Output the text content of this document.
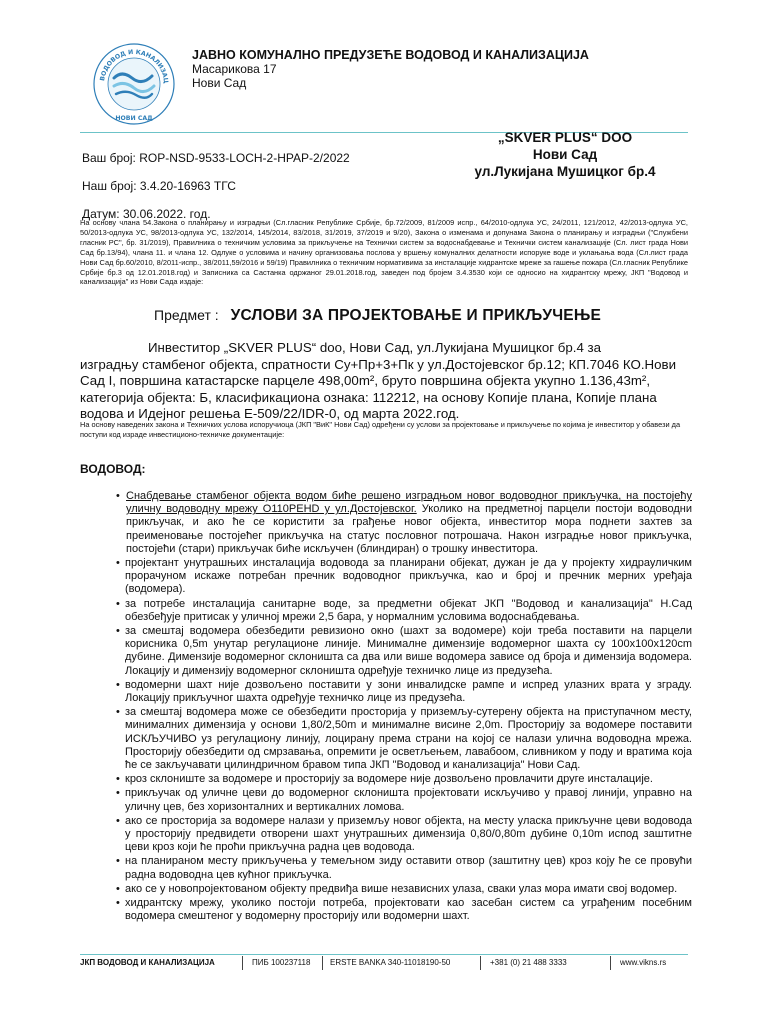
ВОДОВОД И КАНАЛИЗАЦ
НОВИ САД
ЈАВНО КОМУНАЛНО ПРЕДУЗЕЋЕ ВОДОВОД И КАНАЛИЗАЦИЈА
Масарикова 17
Нови Сад
„SKVER PLUS“ DOO
Нови Сад
ул.Лукијана Мушицког бр.4
Ваш број: ROP-NSD-9533-LOCH-2-HPAP-2/2022
Наш број: 3.4.20-16963 ТГС
Датум: 30.06.2022. год.
На основу члана 54.Закона о планирању и изградњи (Сл.гласник Републике Србије, бр.72/2009, 81/2009 испр., 64/2010-одлука УС, 24/2011, 121/2012, 42/2013-одлука УС, 50/2013-одлука УС, 98/2013-одлука УС, 132/2014, 145/2014, 83/2018, 31/2019, 37/2019 и 9/20), Закона о изменама и допунама Закона о планирању и изградњи ("Службени гласник РС", бр. 31/2019), Правилника о техничким условима за прикључење на Технички систем за водоснабдевање и Технички систем канализације (Сл. лист града Нови Сад бр.13/94), члана 11. и члана 12. Одлуке о условима и начину организовања послова у вршењу комуналних делатности испоруке воде и уклањања вода (Сл.лист града Нови Сад бр.60/2010, 8/2011-испр., 38/2011,59/2016 и 59/19) Правилника о техничким нормативима за инсталације хидрантске мреже за гашење пожара (Сл.гласник Републике Србије бр.3 од 12.01.2018.год) и Записника са Састанка одржаног 29.01.2018.год, заведен под бројем 3.4.3530 који се односио на хидрантску мрежу, ЈКП "Водовод и канализација" из Нови Сада издаје:
Предмет : УСЛОВИ ЗА ПРОЈЕКТОВАЊЕ И ПРИКЉУЧЕЊЕ
Инвеститор „SKVER PLUS“ doo, Нови Сад, ул.Лукијана Мушицког бр.4 за
изградњу стамбеног објекта, спратности Су+Пр+3+Пк у ул.Достојевског бр.12; КП.7046 КО.Нови
Сад I, површина катастарске парцеле 498,00m², бруто површина објекта укупно 1.136,43m²,
категорија објекта: Б, класификациона ознака: 112212, на основу Копије плана, Копије плана
водова и Идејног решења Е-509/22/IDR-0, од марта 2022.год.
На основу наведених закона и Техничких услова испоручиоца (ЈКП "ВиК" Нови Сад) одређени су услови за пројектовање и прикључење по којима је инвеститор у обавези да поступи код израде инвестиционо-техничке документације:
ВОДОВОД:
• Снабдевање стамбеног објекта водом биће решено изградњом новог водоводног прикључка, на постојећу уличну водоводну мрежу O110PEHD у ул.Достојевског. Уколико на предметној парцели постоји водоводни прикључак, и ако ће се користити за грађење новог објекта, инвеститор мора поднети захтев за преименовање постојећег прикључка на статус пословног потрошача. Након изградње новог прикључка, постојећи (стари) прикључак биће искључен (блиндиран) о трошку инвеститора.
• пројектант унутрашњих инсталација водовода за планирани објекат, дужан је да у пројекту хидрауличким прорачуном искаже потребан пречник водоводног прикључка, као и број и пречник мерних уређаја (водомера).
• за потребе инсталација санитарне воде, за предметни објекат ЈКП "Водовод и канализација" Н.Сад обезбеђује притисак у уличној мрежи 2,5 бара, у нормалним условима водоснабдевања.
• за смештај водомера обезбедити ревизионо окно (шахт за водомере) који треба поставити на парцели корисника 0,5m унутар регулационе линије. Минималне димензије водомерног шахта су 100x100x120cm дубине. Димензије водомерног склоништа са два или више водомера зависе од броја и димензија водомера. Локацију и димензију водомерног склоништа одређује техничко лице из предузећа.
• водомерни шахт није дозвољено поставити у зони инвалидске рампе и испред улазних врата у зграду. Локацију прикључног шахта одређује техничко лице из предузећа.
• за смештај водомера може се обезбедити просторија у приземљу-сутерену објекта на приступачном месту, минималних димензија у основи 1,80/2,50m и минималне висине 2,0m. Просторију за водомере поставити ИСКЉУЧИВО уз регулациону линију, лоцирану према страни на којој се налази улична водоводна мрежа. Просторију обезбедити од смрзавања, опремити је осветљењем, лавабоом, сливником у поду и вратима која ће се закључавати цилиндричном бравом типа ЈКП "Водовод и канализација" Нови Сад.
• кроз склониште за водомере и просторију за водомере није дозвољено провлачити друге инсталације.
• прикључак од уличне цеви до водомерног склоништа пројектовати искључиво у правој линији, управно на уличну цев, без хоризонталних и вертикалних ломова.
• ако се просторија за водомере налази у приземљу новог објекта, на месту уласка прикључне цеви водовода у просторију предвидети отворени шахт унутрашњих димензија 0,80/0,80m дубине 0,10m испод заштитне цеви кроз који ће проћи прикључна радна цев водовода.
• на планираном месту прикључења у темељном зиду оставити отвор (заштитну цев) кроз коју ће се провући радна водоводна цев кућног прикључка.
• ако се у новопројектованом објекту предвиђа више независних улаза, сваки улаз мора имати свој водомер.
• хидрантску мрежу, уколико постоји потреба, пројектовати као засебан систем са уграђеним посебним водомера смештеног у водомерну просторију или водомерни шахт.
ЈКП ВОДОВОД И КАНАЛИЗАЦИЈА	ПИБ 100237118 ERSTE BANKA 340-11018190-50	+381 (0) 21 488 3333	www.vikns.rs
